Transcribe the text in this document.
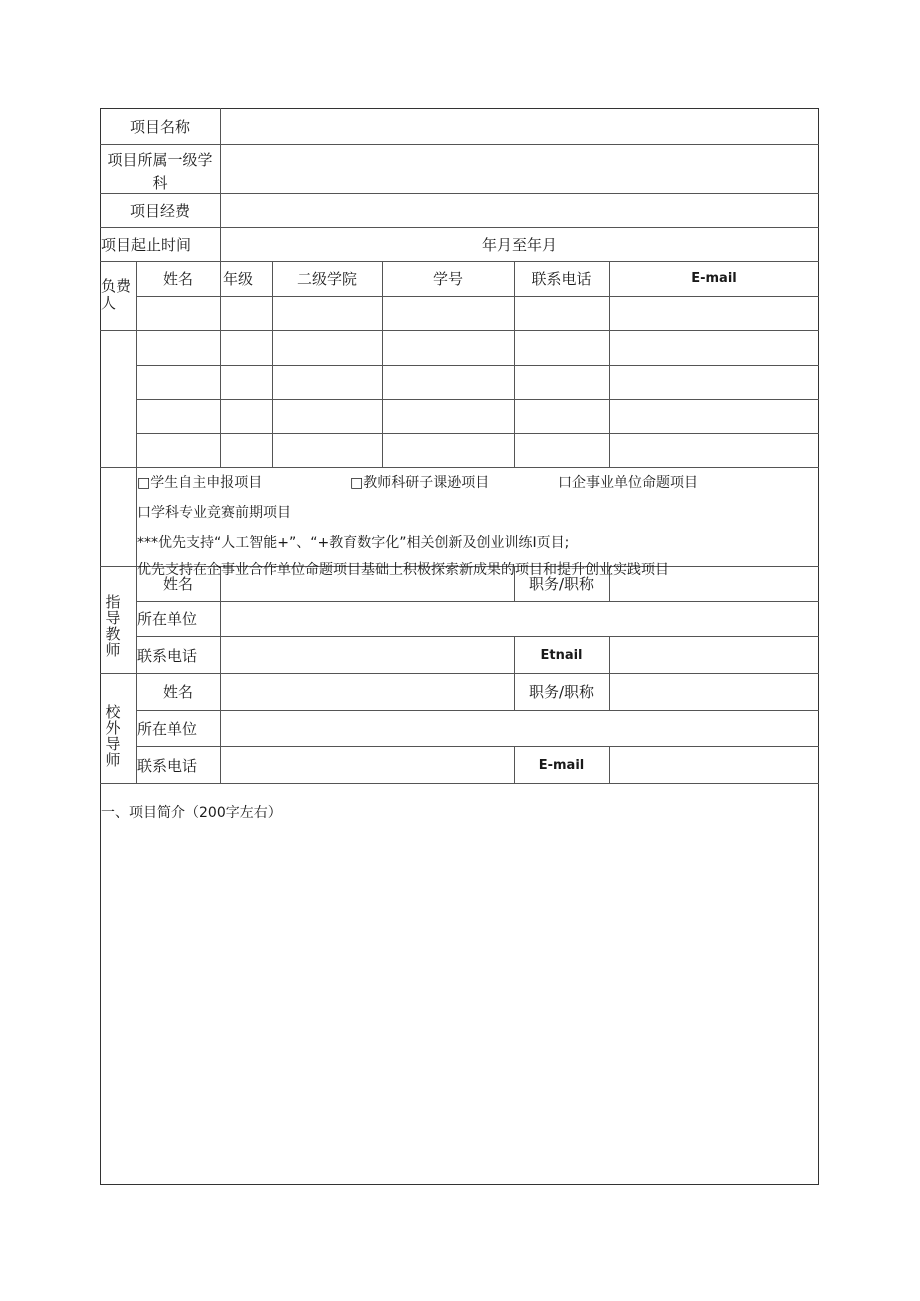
项目名称
项目所属一级学
科
项目经费
项目起止时间	年月至年月
负费
人
姓名	年级	二级学院	学号	联系电话	E-mail
□学生自主申报项目	□教师科研子课逊项目	口企事业单位命题项目
口学科专业竞赛前期项目
***优先支持“人工智能+”、“+教育数字化”相关创新及创业训练I页目;
优先支持在企事业合作单位命题项目基础上积极探索新成果的项目和提升创业实践项目
指
导
教
师
姓名	职务/职称
所在单位
联系电话	Etnail
校
外
导
师
姓名	职务/职称
所在单位
联系电话	E-mail
一、项目简介（200字左右）
